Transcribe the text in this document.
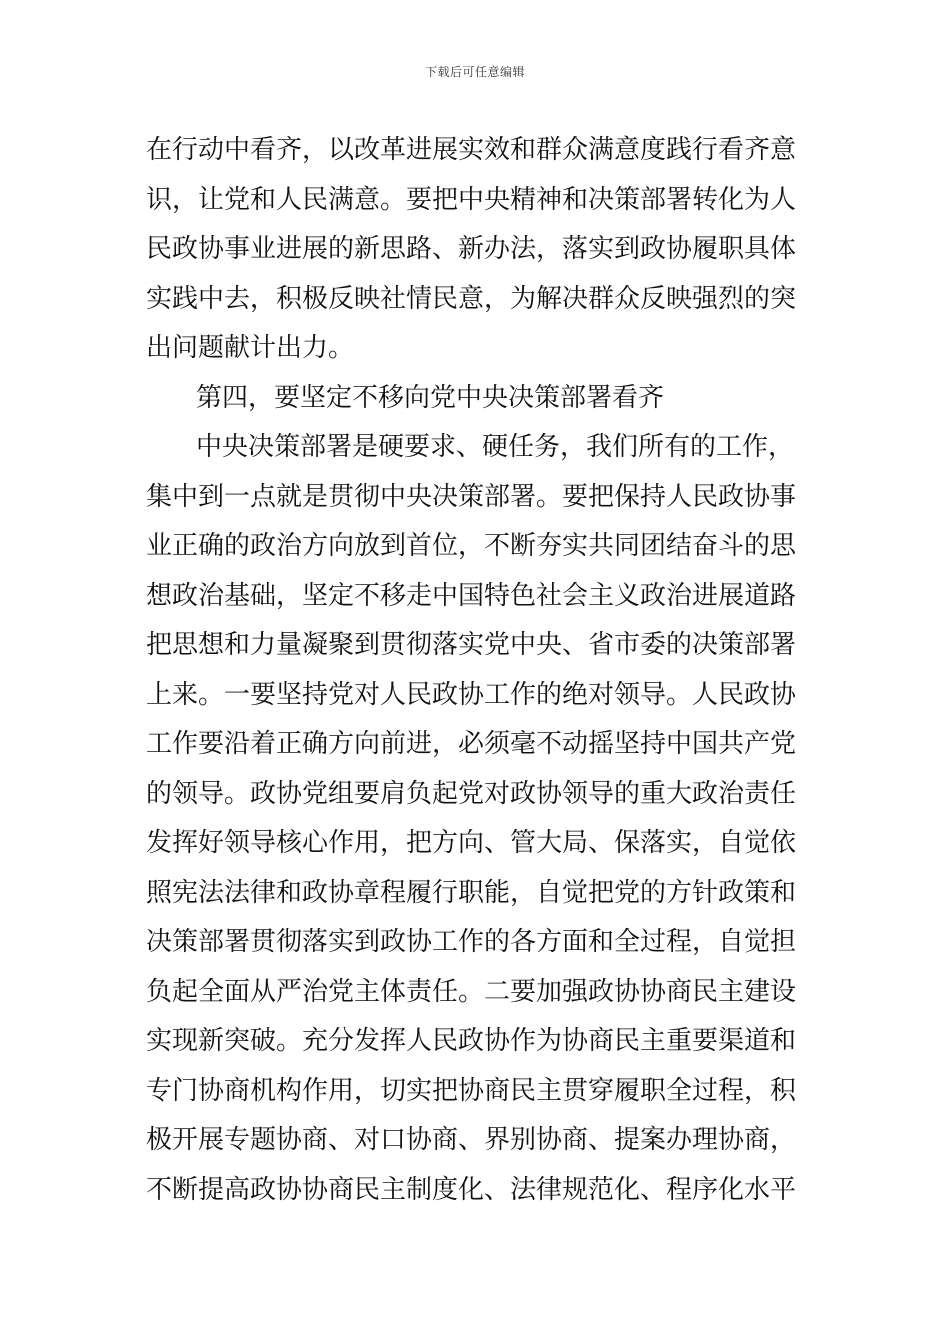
下载后可任意编辑
在行动中看齐，以改革进展实效和群众满意度践行看齐意
识，让党和人民满意。要把中央精神和决策部署转化为人
民政协事业进展的新思路、新办法，落实到政协履职具体
实践中去，积极反映社情民意，为解决群众反映强烈的突
出问题献计出力。
第四，要坚定不移向党中央决策部署看齐
中央决策部署是硬要求、硬任务，我们所有的工作，
集中到一点就是贯彻中央决策部署。要把保持人民政协事
业正确的政治方向放到首位，不断夯实共同团结奋斗的思
想政治基础，坚定不移走中国特色社会主义政治进展道路
把思想和力量凝聚到贯彻落实党中央、省市委的决策部署
上来。一要坚持党对人民政协工作的绝对领导。人民政协
工作要沿着正确方向前进，必须毫不动摇坚持中国共产党
的领导。政协党组要肩负起党对政协领导的重大政治责任
发挥好领导核心作用，把方向、管大局、保落实，自觉依
照宪法法律和政协章程履行职能，自觉把党的方针政策和
决策部署贯彻落实到政协工作的各方面和全过程，自觉担
负起全面从严治党主体责任。二要加强政协协商民主建设
实现新突破。充分发挥人民政协作为协商民主重要渠道和
专门协商机构作用，切实把协商民主贯穿履职全过程，积
极开展专题协商、对口协商、界别协商、提案办理协商，
不断提高政协协商民主制度化、法律规范化、程序化水平
